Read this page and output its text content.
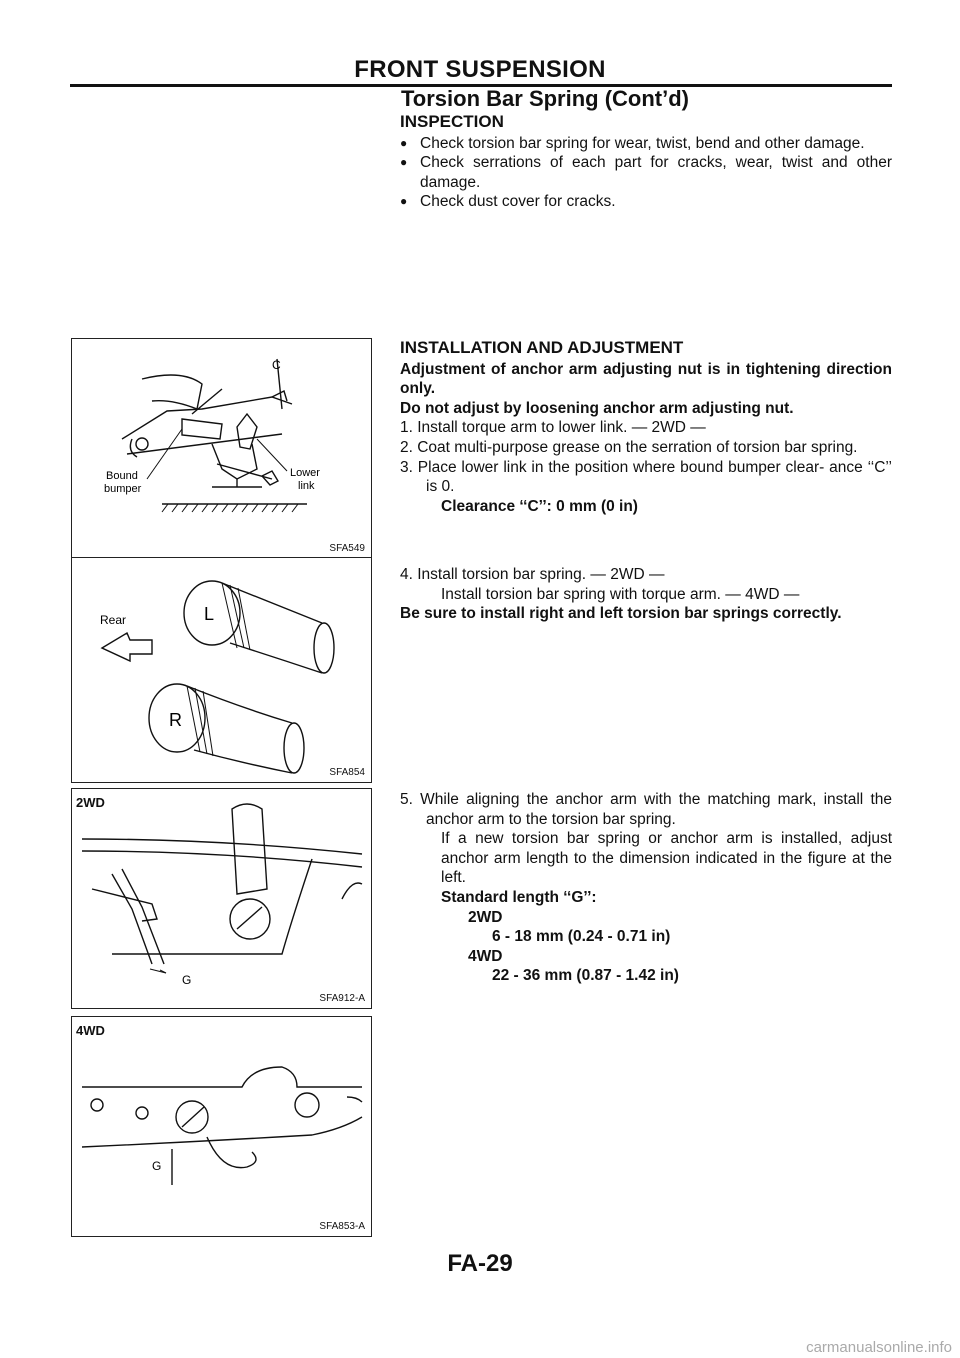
FRONT SUSPENSION
Torsion Bar Spring (Cont’d)
C
Bound
bumper
Lower
link
SFA549
Rear	L
R
SFA854
2WD
G
SFA912-A
4WD
G
SFA853-A
INSPECTION
● Check torsion bar spring for wear, twist, bend and other damage.
● Check serrations of each part for cracks, wear, twist and other damage.
● Check dust cover for cracks.
INSTALLATION AND ADJUSTMENT
Adjustment of anchor arm adjusting nut is in tightening direction only.
Do not adjust by loosening anchor arm adjusting nut.
1. Install torque arm to lower link. — 2WD —
2. Coat multi-purpose grease on the serration of torsion bar spring.
3. Place lower link in the position where bound bumper clear- ance ‘‘C’’ is 0.
Clearance ‘‘C’’: 0 mm (0 in)
4. Install torsion bar spring. — 2WD —
Install torsion bar spring with torque arm. — 4WD —
Be sure to install right and left torsion bar springs correctly.
5. While aligning the anchor arm with the matching mark, install the anchor arm to the torsion bar spring.
If a new torsion bar spring or anchor arm is installed, adjust anchor arm length to the dimension indicated in the figure at the left.
Standard length ‘‘G’’:
2WD
6 - 18 mm (0.24 - 0.71 in)
4WD
22 - 36 mm (0.87 - 1.42 in)
FA-29
carmanualsonline.info
